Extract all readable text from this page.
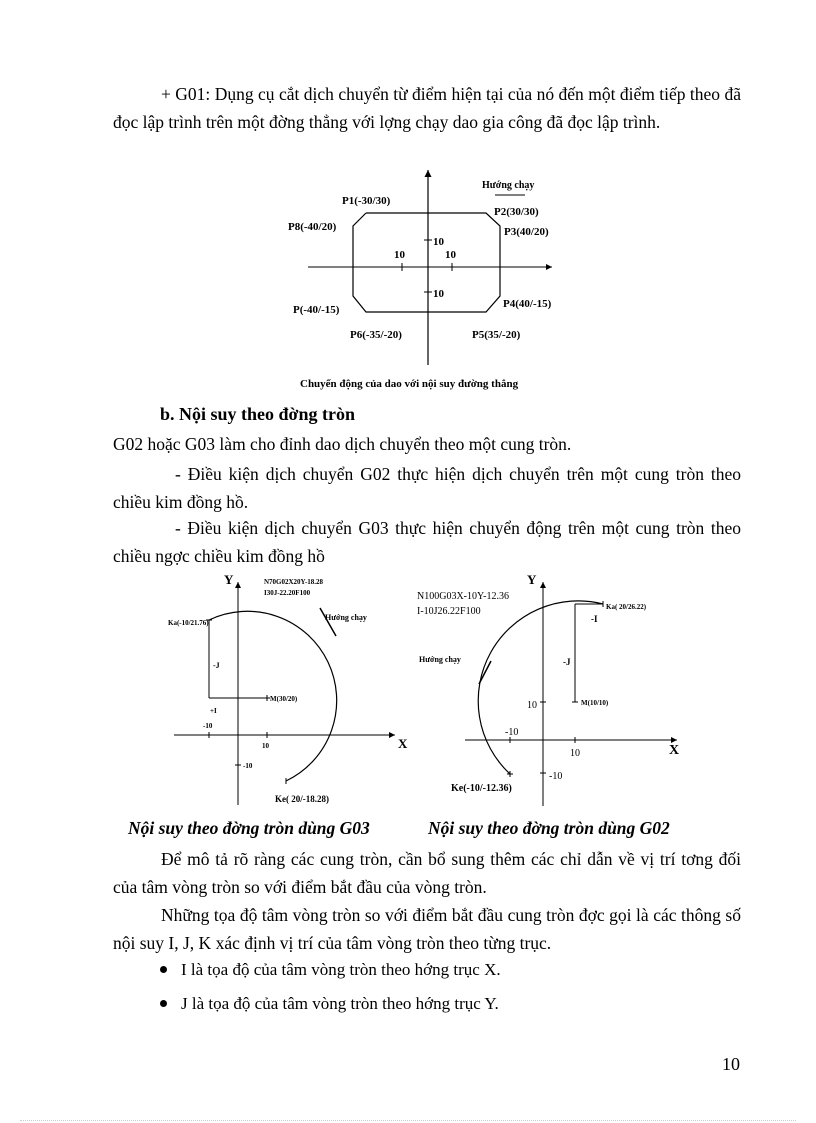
+ G01: Dụng cụ cắt dịch chuyển từ điểm hiện tại của nó đến một điểm tiếp theo đã đọc lập trình trên một đờng thẳng với lợng chạy dao gia công đã đọc lập trình.
Hướng chạy
P1(-30/30)
P2(30/30)
P3(40/20)
P8(-40/20)
P4(40/-15)
P(-40/-15)
P6(-35/-20)	P5(35/-20)
10	10
10
10
Chuyển động của dao với nội suy đường thẳng
b. Nội suy theo đờng tròn
G02 hoặc G03 làm cho đỉnh dao dịch chuyển theo một cung tròn.
- Điều kiện dịch chuyển G02 thực hiện dịch chuyển trên một cung tròn theo chiều kim đồng hồ.
- Điều kiện dịch chuyển G03 thực hiện chuyển động trên một cung tròn theo chiều ngợc chiều kim đồng hồ
Y
X
N70G02X20Y-18.28
I30J-22.20F100
Hướng chạy
Ka(-10/21.76)
M(30/20)
Ke( 20/-18.28)
-J
+I
-10
10
-10
Y
X
N100G03X-10Y-12.36
I-10J26.22F100
Hướng chạy
Ka( 20/26.22)
M(10/10)
Ke(-10/-12.36)
-I
-J
10
-10
10
-10
Nội suy theo đờng tròn dùng G03	Nội suy theo đờng tròn dùng G02
Để mô tả rõ ràng các cung tròn, cần bổ sung thêm các chỉ dẫn về vị trí tơng đối của tâm vòng tròn so với điểm bắt đầu của vòng tròn.
Những tọa độ tâm vòng tròn so với điểm bắt đầu cung tròn đợc gọi là các thông số nội suy I, J, K xác định vị trí của tâm vòng tròn theo từng trục.
I là tọa độ của tâm vòng tròn theo hớng trục X.
J là tọa độ của tâm vòng tròn theo hớng trục Y.
10
